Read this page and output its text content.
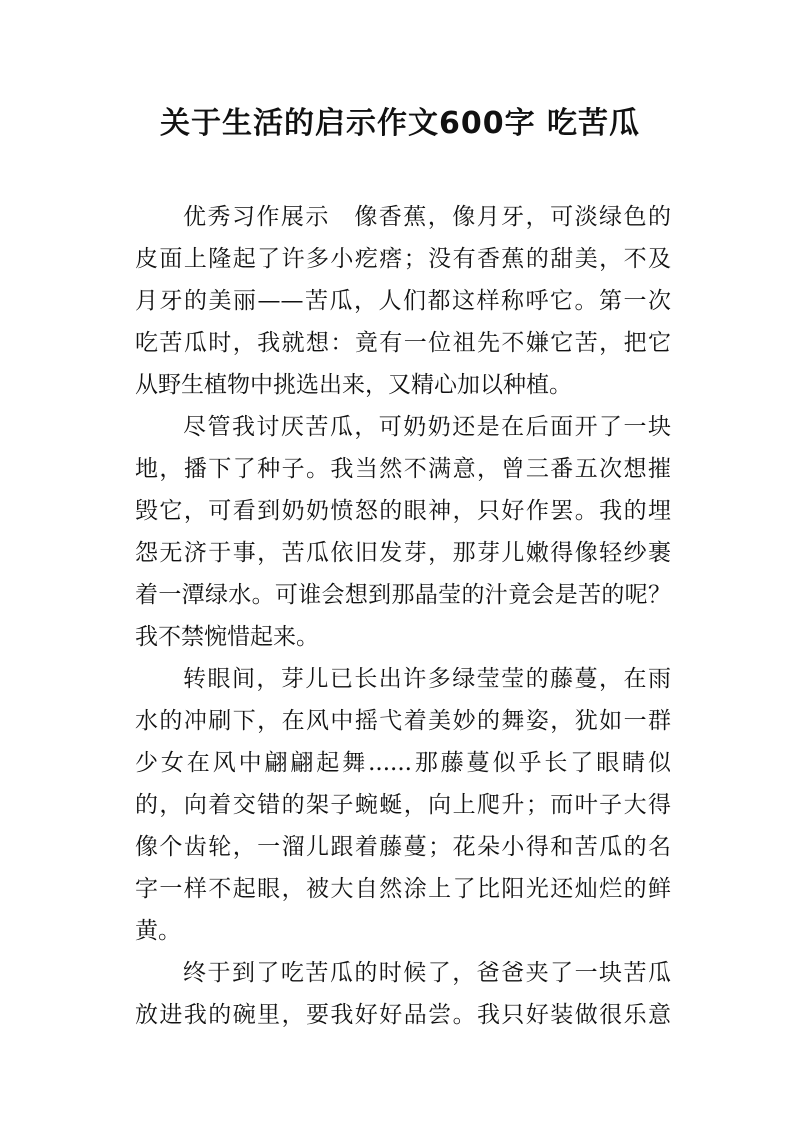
关于生活的启示作文600字 吃苦瓜
优秀习作展示　像香蕉，像月牙，可淡绿色的
皮面上隆起了许多小疙瘩；没有香蕉的甜美，不及
月牙的美丽——苦瓜，人们都这样称呼它。第一次
吃苦瓜时，我就想：竟有一位祖先不嫌它苦，把它
从野生植物中挑选出来，又精心加以种植。
尽管我讨厌苦瓜，可奶奶还是在后面开了一块
地，播下了种子。我当然不满意，曾三番五次想摧
毁它，可看到奶奶愤怒的眼神，只好作罢。我的埋
怨无济于事，苦瓜依旧发芽，那芽儿嫩得像轻纱裹
着一潭绿水。可谁会想到那晶莹的汁竟会是苦的呢？
我不禁惋惜起来。
转眼间，芽儿已长出许多绿莹莹的藤蔓，在雨
水的冲刷下，在风中摇弋着美妙的舞姿，犹如一群
少女在风中翩翩起舞......那藤蔓似乎长了眼睛似
的，向着交错的架子蜿蜒，向上爬升；而叶子大得
像个齿轮，一溜儿跟着藤蔓；花朵小得和苦瓜的名
字一样不起眼，被大自然涂上了比阳光还灿烂的鲜
黄。
终于到了吃苦瓜的时候了，爸爸夹了一块苦瓜
放进我的碗里，要我好好品尝。我只好装做很乐意
